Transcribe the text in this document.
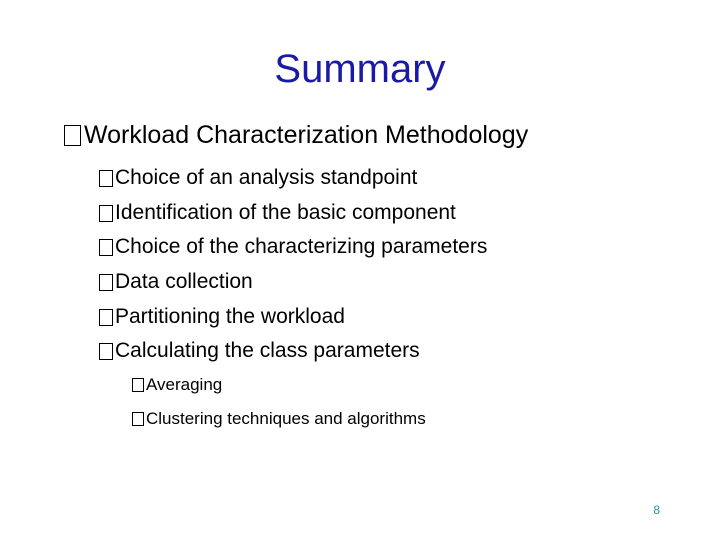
Summary
Workload Characterization Methodology
Choice of an analysis standpoint
Identification of the basic component
Choice of the characterizing parameters
Data collection
Partitioning the workload
Calculating the class parameters
Averaging
Clustering techniques and algorithms
8
